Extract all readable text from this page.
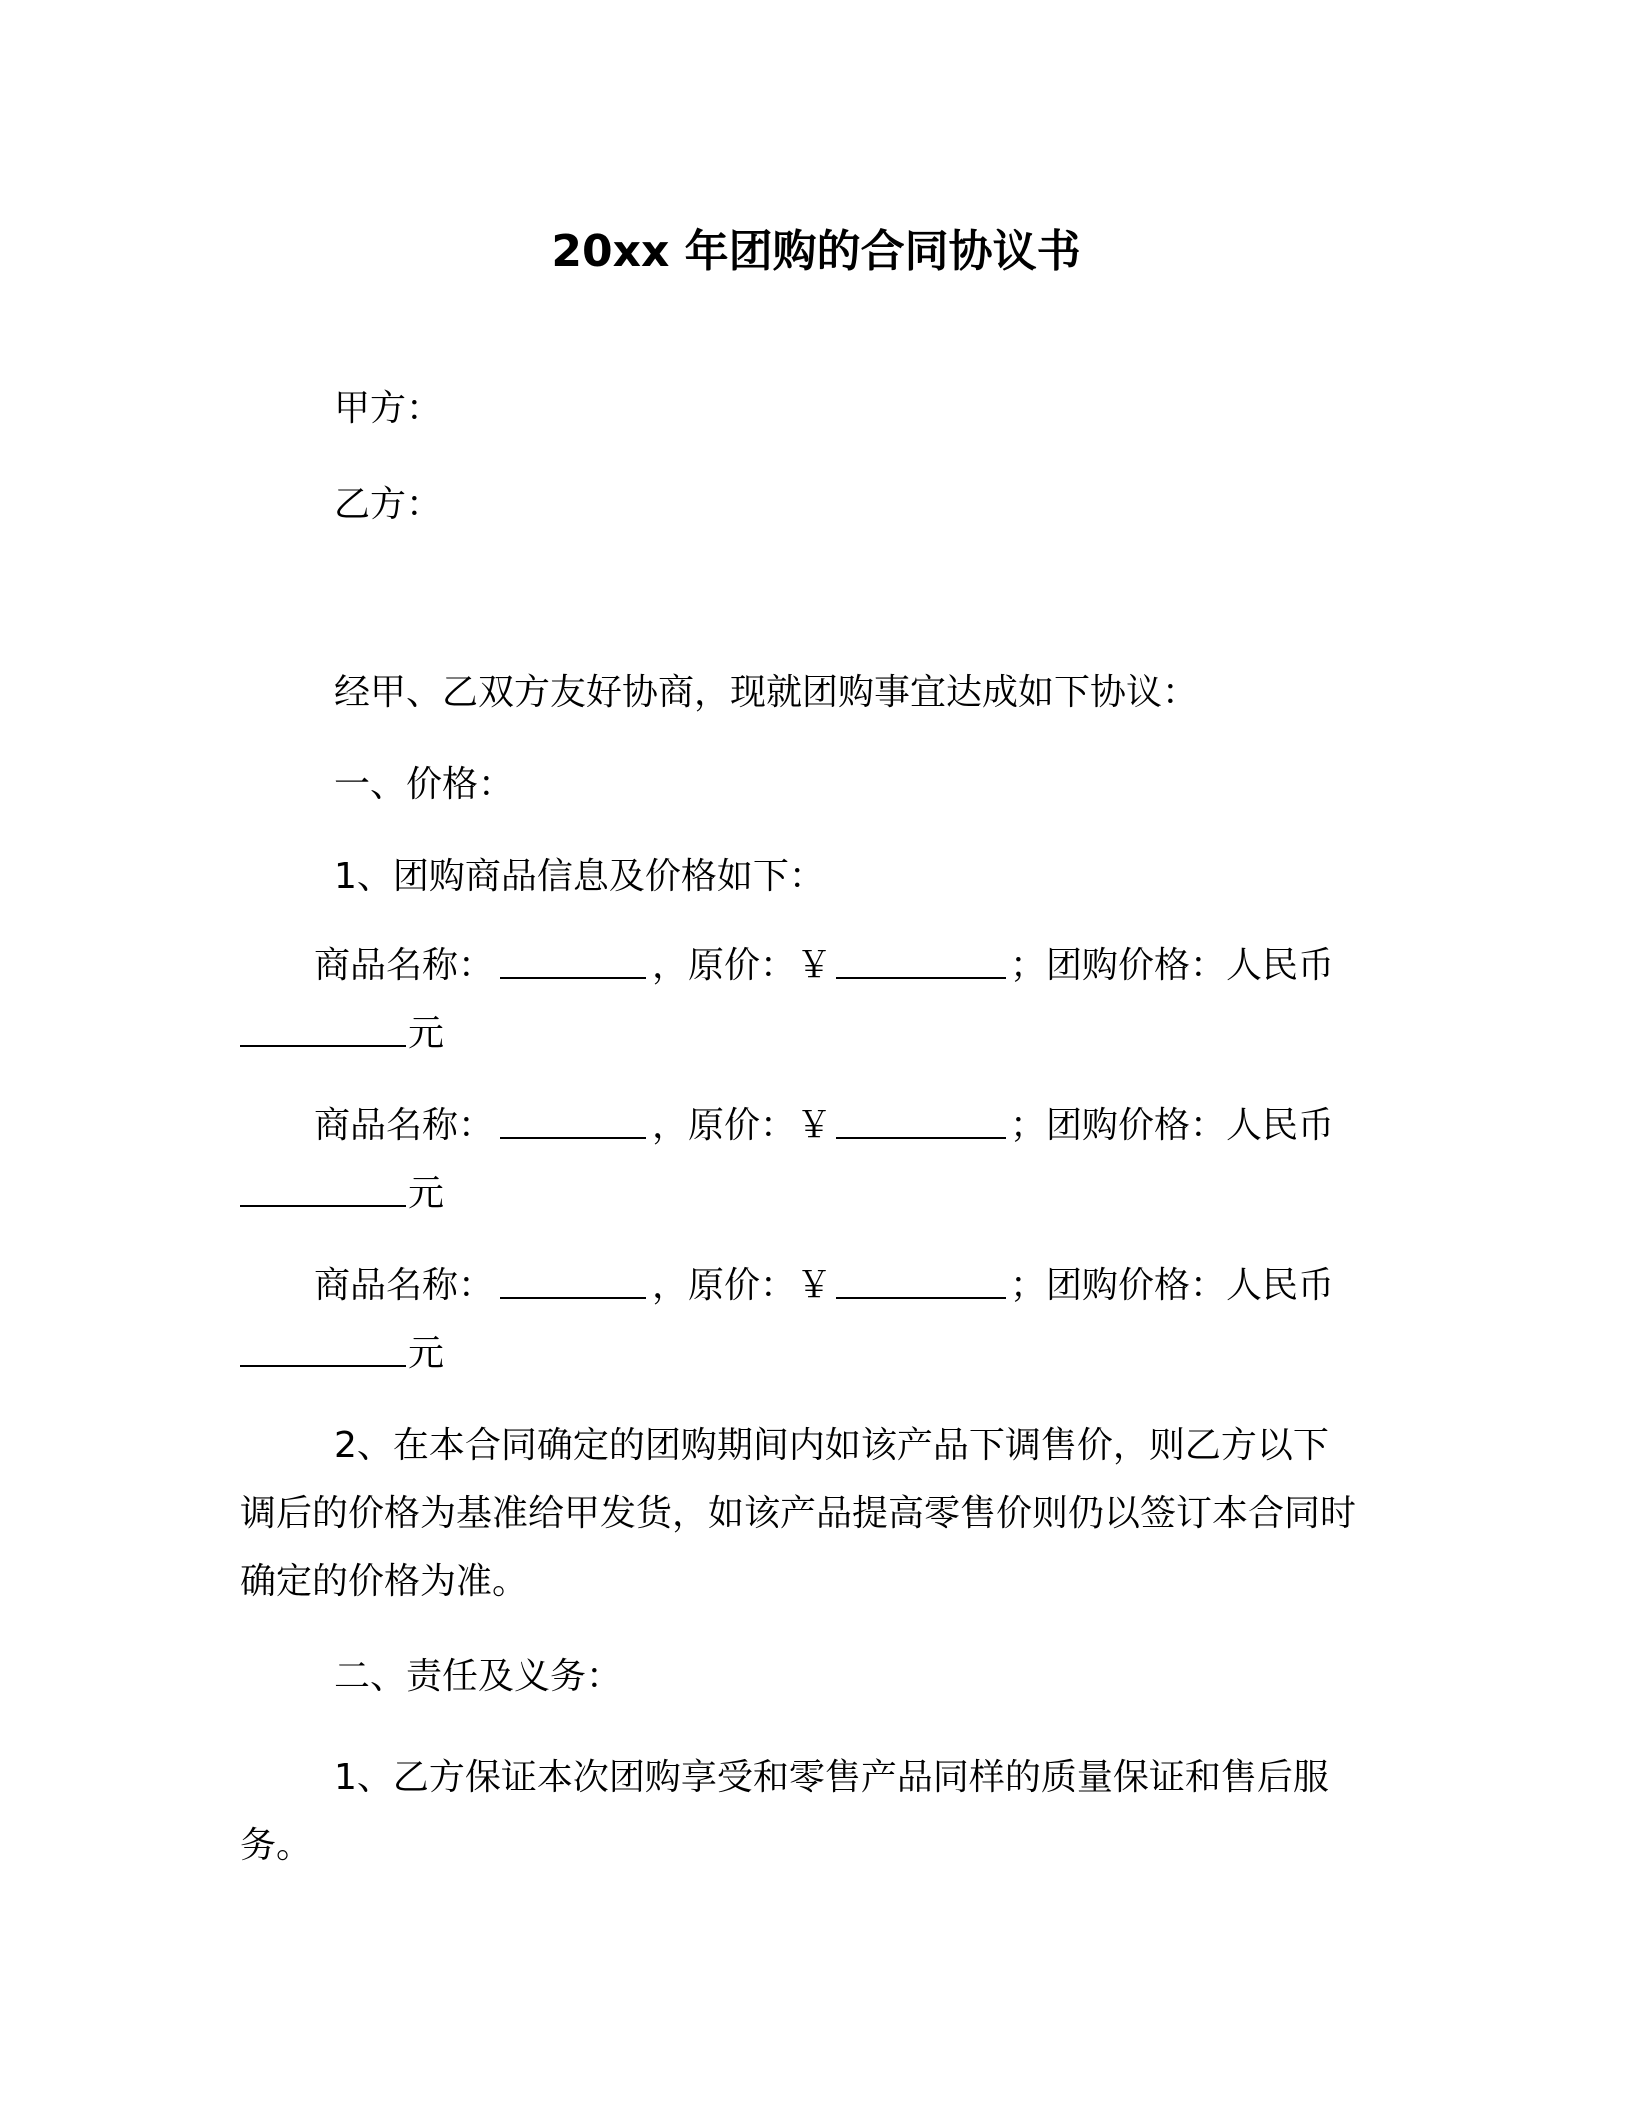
20xx 年团购的合同协议书
甲方：
乙方：
经甲、乙双方友好协商，现就团购事宜达成如下协议：
一、价格：
1、团购商品信息及价格如下：
商品名称：	，原价：￥	；团购价格：人民币
元
商品名称：	，原价：￥	；团购价格：人民币
元
商品名称：	，原价：￥	；团购价格：人民币
元
2、在本合同确定的团购期间内如该产品下调售价，则乙方以下调后的价格为基准给甲发货，如该产品提高零售价则仍以签订本合同时确定的价格为准。
二、责任及义务：
1、乙方保证本次团购享受和零售产品同样的质量保证和售后服务。
